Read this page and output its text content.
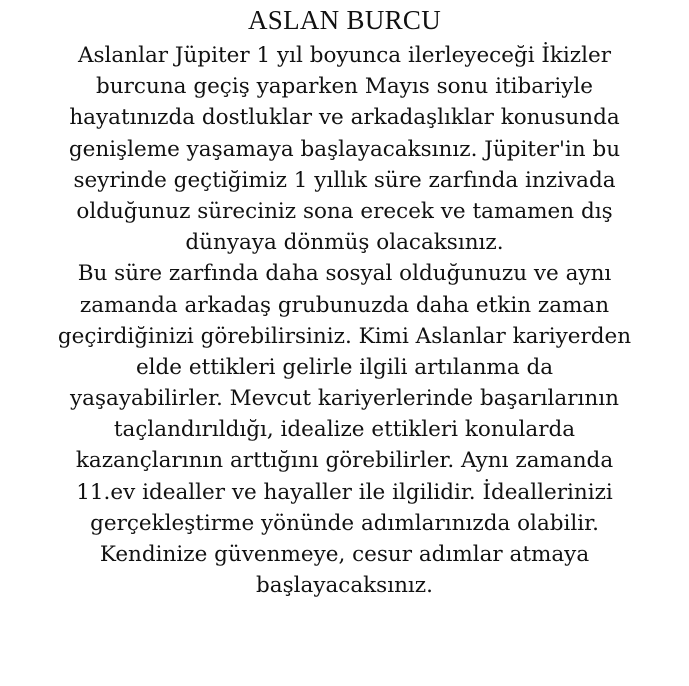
ASLAN BURCU
Aslanlar Jüpiter 1 yıl boyunca ilerleyeceği İkizler
burcuna geçiş yaparken Mayıs sonu itibariyle
hayatınızda dostluklar ve arkadaşlıklar konusunda
genişleme yaşamaya başlayacaksınız. Jüpiter'in bu
seyrinde geçtiğimiz 1 yıllık süre zarfında inzivada
olduğunuz süreciniz sona erecek ve tamamen dış
dünyaya dönmüş olacaksınız.
Bu süre zarfında daha sosyal olduğunuzu ve aynı
zamanda arkadaş grubunuzda daha etkin zaman
geçirdiğinizi görebilirsiniz. Kimi Aslanlar kariyerden
elde ettikleri gelirle ilgili artılanma da
yaşayabilirler. Mevcut kariyerlerinde başarılarının
taçlandırıldığı, idealize ettikleri konularda
kazançlarının arttığını görebilirler. Aynı zamanda
11.ev idealler ve hayaller ile ilgilidir. İdeallerinizi
gerçekleştirme yönünde adımlarınızda olabilir.
Kendinize güvenmeye, cesur adımlar atmaya
başlayacaksınız.
